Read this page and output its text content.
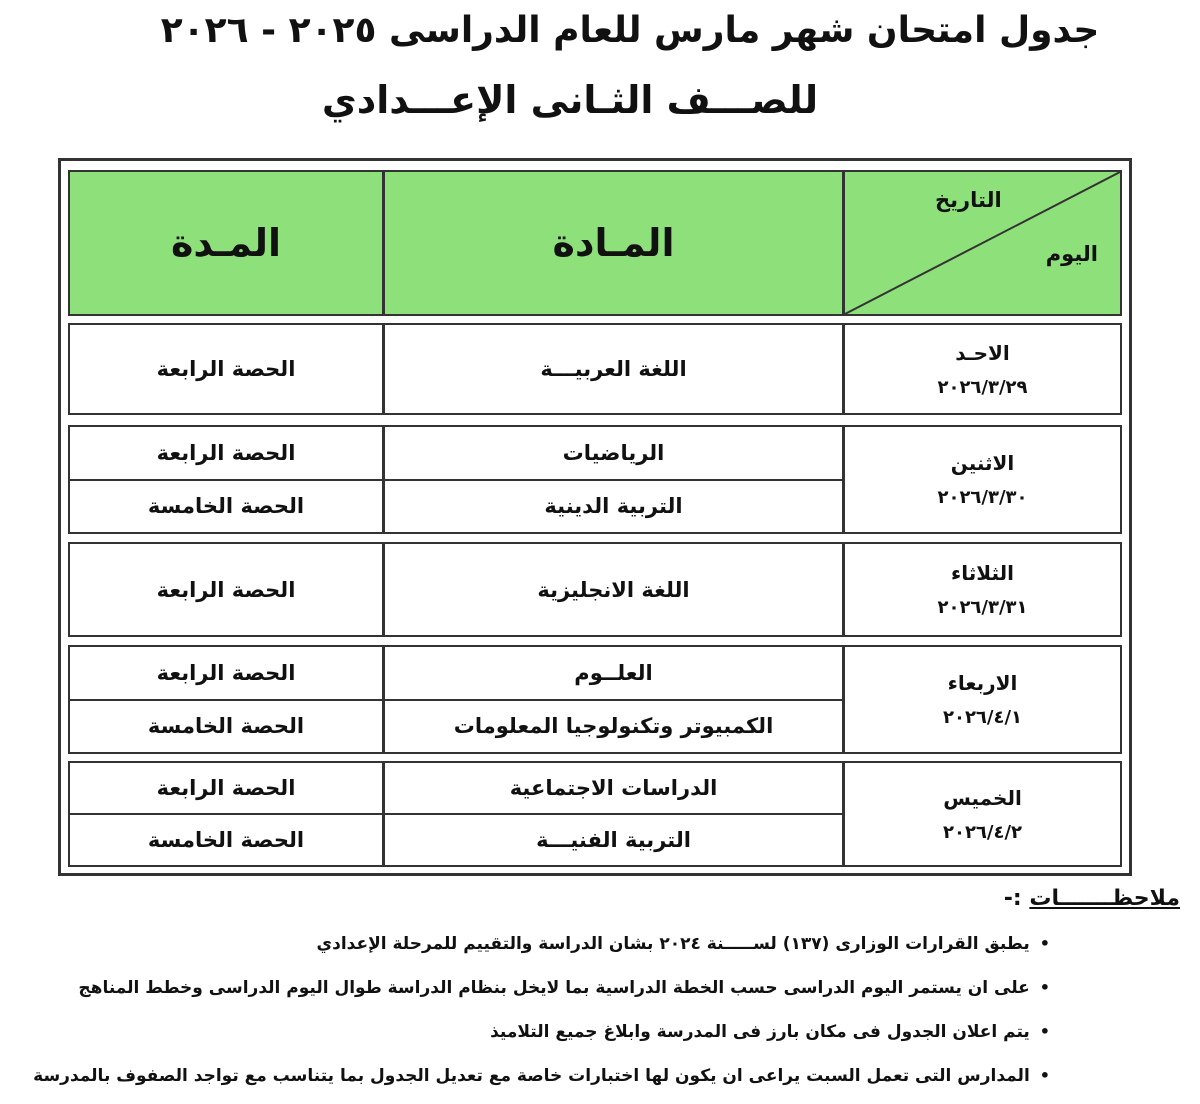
جدول امتحان شهر مارس للعام الدراسى ٢٠٢٥ - ٢٠٢٦
للصـــف الثـانى الإعـــدادي
التاريخ
اليوم
المـادة
المـدة
الاحـد
٢٠٢٦/٣/٢٩
اللغة العربيـــة
الحصة الرابعة
الاثنين
٢٠٢٦/٣/٣٠
الرياضيات
الحصة الرابعة
التربية الدينية
الحصة الخامسة
الثلاثاء
٢٠٢٦/٣/٣١
اللغة الانجليزية
الحصة الرابعة
الاربعاء
٢٠٢٦/٤/١
العلــوم
الحصة الرابعة
الكمبيوتر وتكنولوجيا المعلومات
الحصة الخامسة
الخميس
٢٠٢٦/٤/٢
الدراسات الاجتماعية
الحصة الرابعة
التربية الفنيـــة
الحصة الخامسة
ملاحظـــــــات :-
• يطبق القرارات الوزارى (١٣٧) لســـــنة ٢٠٢٤ بشان الدراسة والتقييم للمرحلة الإعدادي
• على ان يستمر اليوم الدراسى حسب الخطة الدراسية بما لايخل بنظام الدراسة طوال اليوم الدراسى وخطط المناهج
• يتم اعلان الجدول فى مكان بارز فى المدرسة وابلاغ جميع التلاميذ
• المدارس التى تعمل السبت يراعى ان يكون لها اختبارات خاصة مع تعديل الجدول بما يتناسب مع تواجد الصفوف بالمدرسة
